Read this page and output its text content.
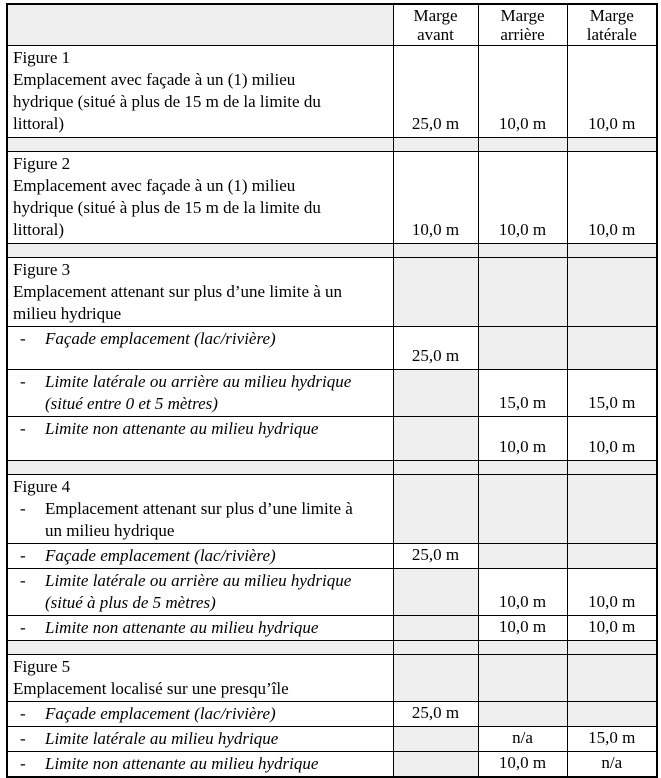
	Marge avant	Marge arrière	Marge latérale

Figure 1
Emplacement avec façade à un (1) milieu
hydrique (situé à plus de 15 m de la limite du
littoral)	25,0 m	10,0 m	10,0 m

Figure 2
Emplacement avec façade à un (1) milieu
hydrique (situé à plus de 15 m de la limite du
littoral)	10,0 m	10,0 m	10,0 m

Figure 3
Emplacement attenant sur plus d’une limite à un
milieu hydrique			

- Façade emplacement (lac/rivière)	25,0 m		

- Limite latérale ou arrière au milieu hydrique
(situé entre 0 et 5 mètres)		15,0 m	15,0 m

- Limite non attenante au milieu hydrique		10,0 m	10,0 m

Figure 4
- Emplacement attenant sur plus d’une limite à
un milieu hydrique			

- Façade emplacement (lac/rivière)	25,0 m		

- Limite latérale ou arrière au milieu hydrique
(situé à plus de 5 mètres)		10,0 m	10,0 m

- Limite non attenante au milieu hydrique		10,0 m	10,0 m

Figure 5
Emplacement localisé sur une presqu’île			

- Façade emplacement (lac/rivière)	25,0 m		

- Limite latérale au milieu hydrique		n/a	15,0 m

- Limite non attenante au milieu hydrique		10,0 m	n/a
